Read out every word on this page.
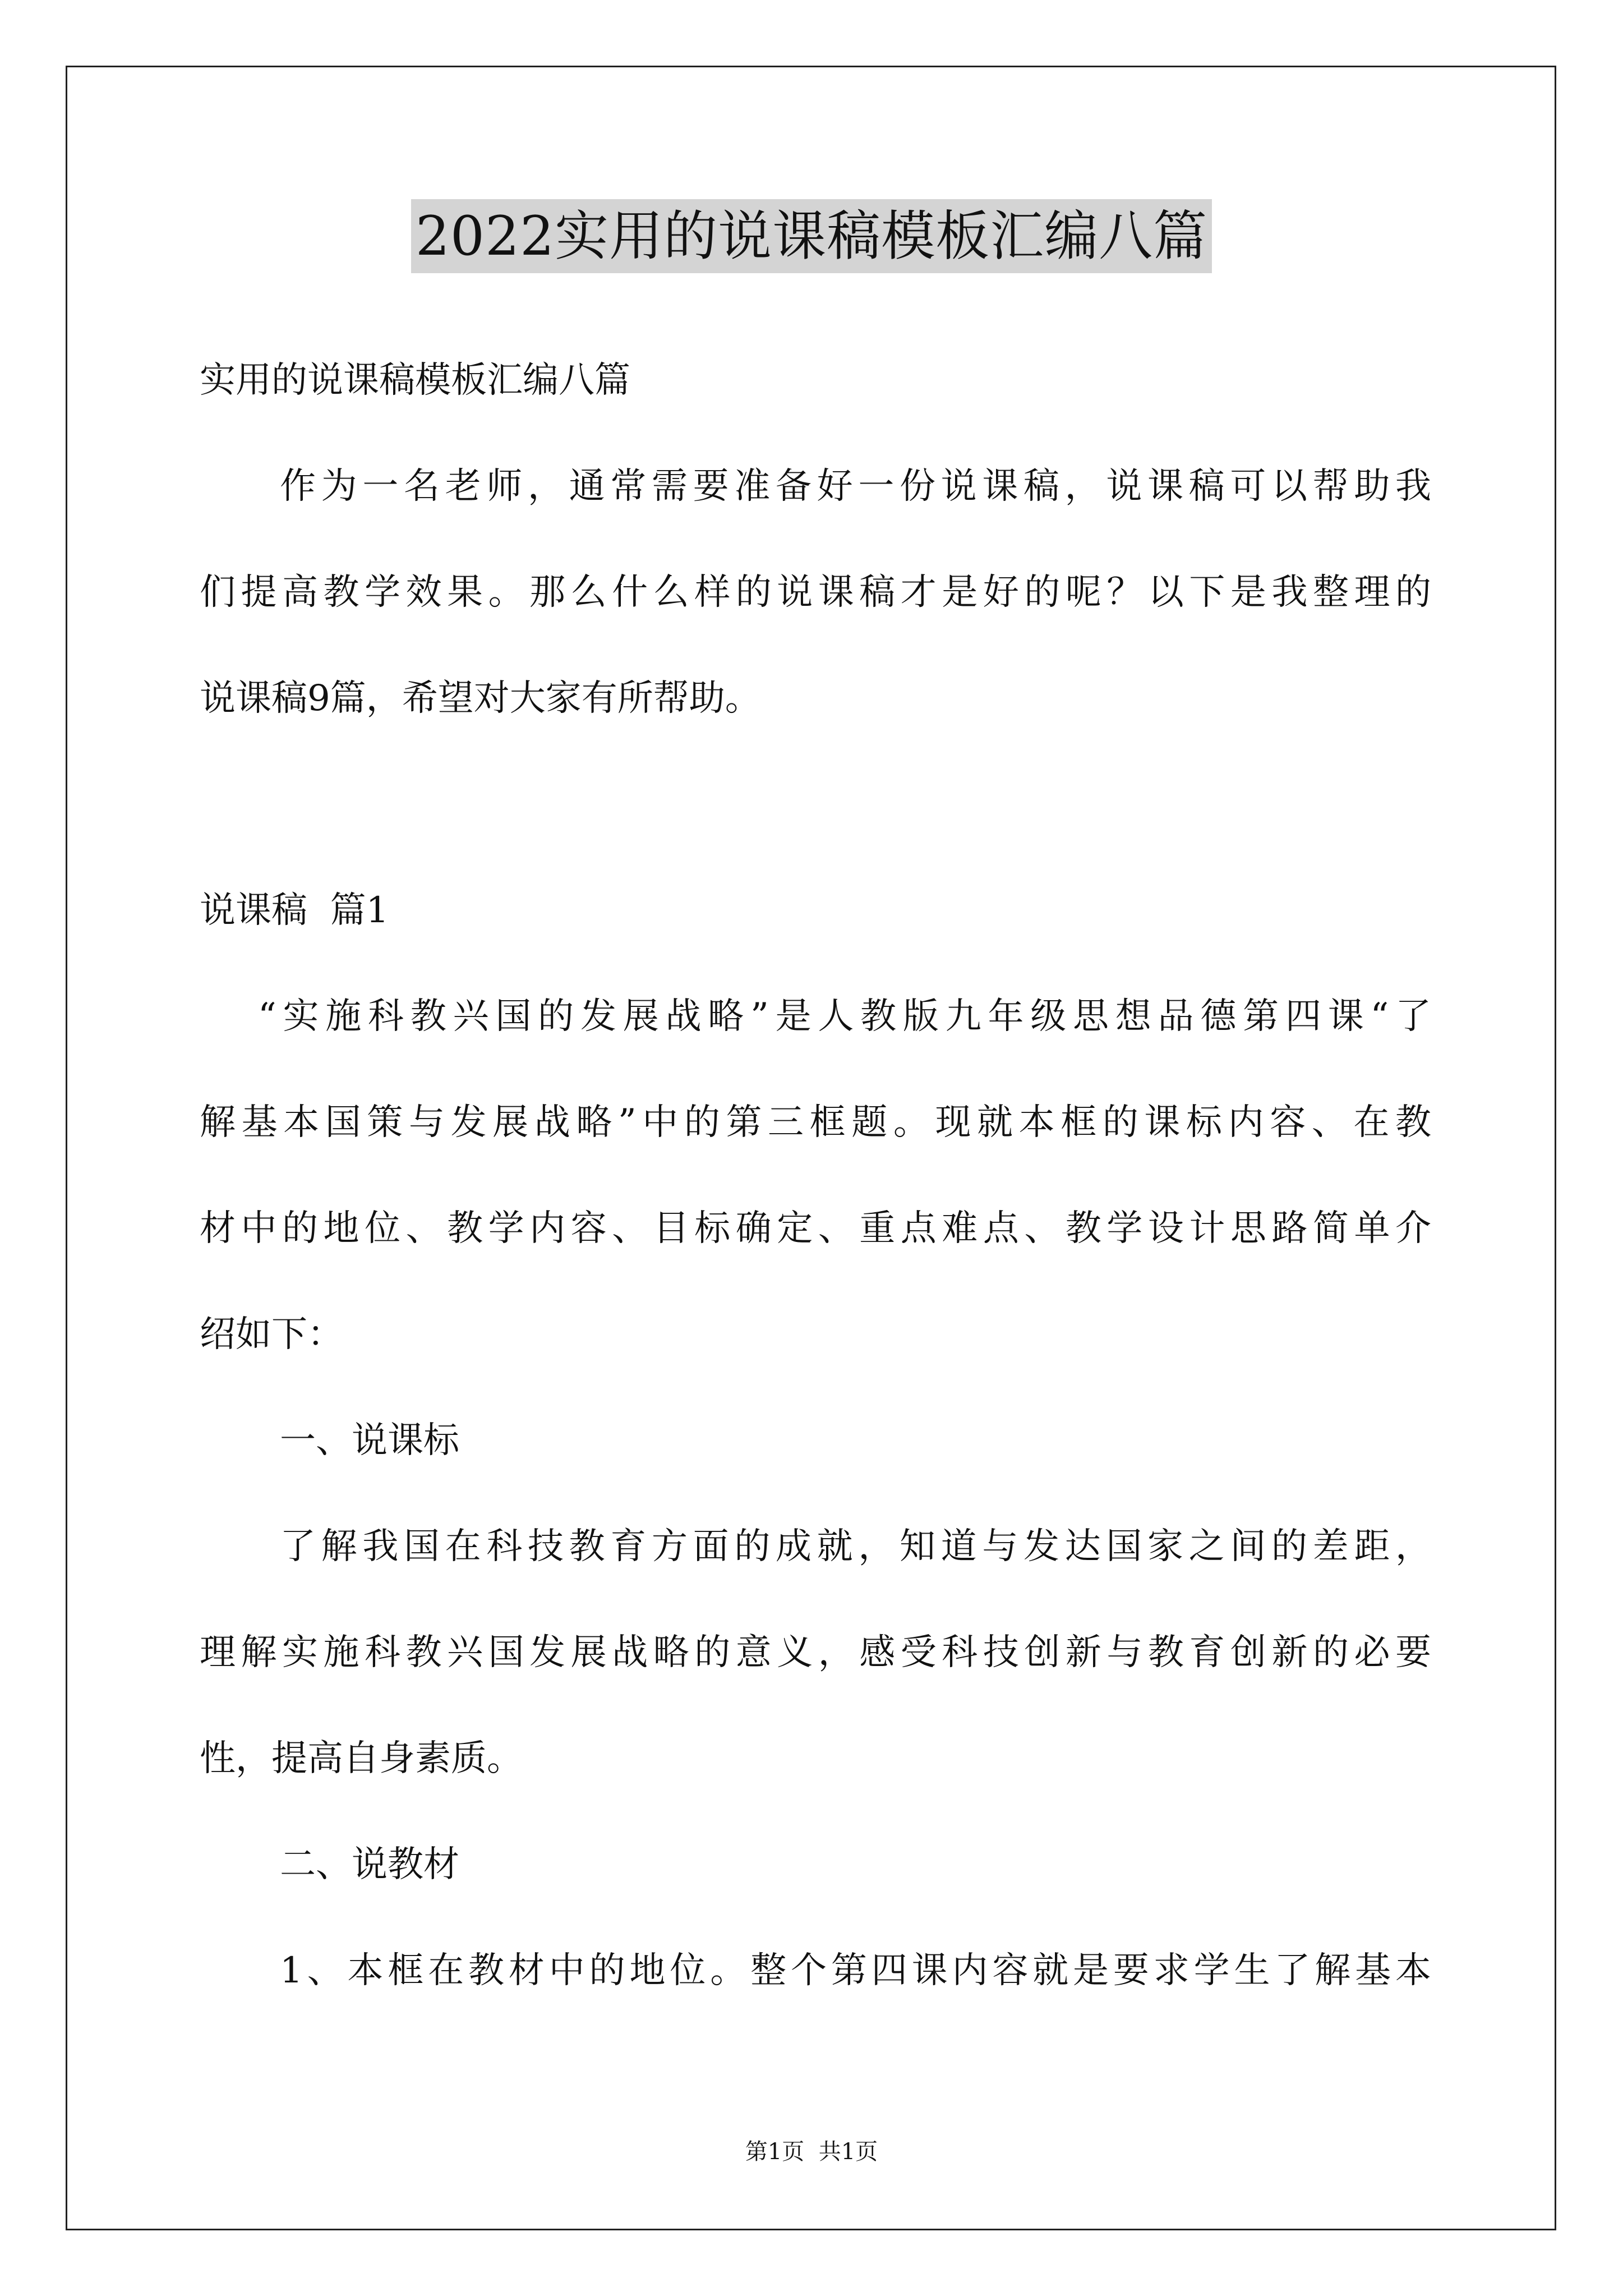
2022实用的说课稿模板汇编八篇
实用的说课稿模板汇编八篇
作为一名老师，通常需要准备好一份说课稿，说课稿可以帮助我
们提高教学效果。那么什么样的说课稿才是好的呢？以下是我整理的
说课稿9篇，希望对大家有所帮助。
说课稿  篇1
“实施科教兴国的发展战略”是人教版九年级思想品德第四课“了
解基本国策与发展战略”中的第三框题。现就本框的课标内容、在教
材中的地位、教学内容、目标确定、重点难点、教学设计思路简单介
绍如下：
一、说课标
了解我国在科技教育方面的成就，知道与发达国家之间的差距，
理解实施科教兴国发展战略的意义，感受科技创新与教育创新的必要
性，提高自身素质。
二、说教材
1、本框在教材中的地位。整个第四课内容就是要求学生了解基本
第1页  共1页
